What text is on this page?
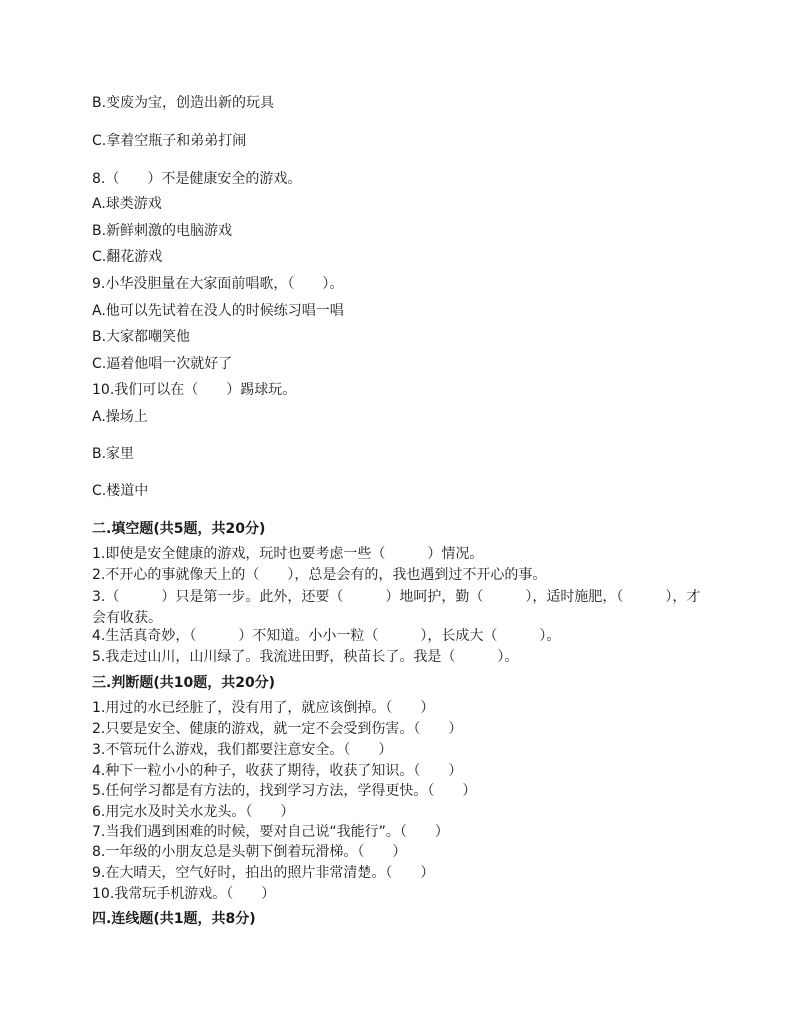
B.变废为宝，创造出新的玩具
C.拿着空瓶子和弟弟打闹
8.（　　）不是健康安全的游戏。
A.球类游戏
B.新鲜刺激的电脑游戏
C.翻花游戏
9.小华没胆量在大家面前唱歌，（　　）。
A.他可以先试着在没人的时候练习唱一唱
B.大家都嘲笑他
C.逼着他唱一次就好了
10.我们可以在（　　）踢球玩。
A.操场上
B.家里
C.楼道中
二.填空题(共5题，共20分)
1.即使是安全健康的游戏，玩时也要考虑一些（　　　）情况。
2.不开心的事就像天上的（　　），总是会有的，我也遇到过不开心的事。
3.（　　　）只是第一步。此外，还要（　　　）地呵护，勤（　　　），适时施肥，（　　　），才会有收获。
4.生活真奇妙，（　　　）不知道。小小一粒（　　　），长成大（　　　）。
5.我走过山川，山川绿了。我流进田野，秧苗长了。我是（　　　）。
三.判断题(共10题，共20分)
1.用过的水已经脏了，没有用了，就应该倒掉。（　　）
2.只要是安全、健康的游戏，就一定不会受到伤害。（　　）
3.不管玩什么游戏，我们都要注意安全。（　　）
4.种下一粒小小的种子，收获了期待，收获了知识。（　　）
5.任何学习都是有方法的，找到学习方法，学得更快。（　　）
6.用完水及时关水龙头。（　　）
7.当我们遇到困难的时候，要对自己说“我能行”。（　　）
8.一年级的小朋友总是头朝下倒着玩滑梯。（　　）
9.在大晴天，空气好时，拍出的照片非常清楚。（　　）
10.我常玩手机游戏。（　　）
四.连线题(共1题，共8分)
